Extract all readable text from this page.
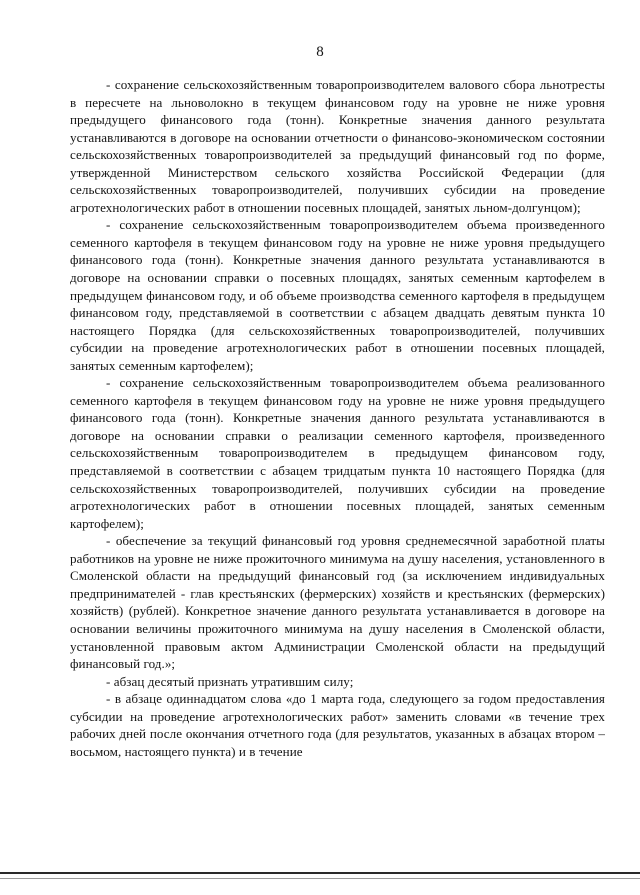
8

- сохранение сельскохозяйственным товаропроизводителем валового сбора льнотресты в пересчете на льноволокно в текущем финансовом году на уровне не ниже уровня предыдущего финансового года (тонн). Конкретные значения данного результата устанавливаются в договоре на основании отчетности о финансово-экономическом состоянии сельскохозяйственных товаропроизводителей за предыдущий финансовый год по форме, утвержденной Министерством сельского хозяйства Российской Федерации (для сельскохозяйственных товаропроизводителей, получивших субсидии на проведение агротехнологических работ в отношении посевных площадей, занятых льном-долгунцом);

- сохранение сельскохозяйственным товаропроизводителем объема произведенного семенного картофеля в текущем финансовом году на уровне не ниже уровня предыдущего финансового года (тонн). Конкретные значения данного результата устанавливаются в договоре на основании справки о посевных площадях, занятых семенным картофелем в предыдущем финансовом году, и об объеме производства семенного картофеля в предыдущем финансовом году, представляемой в соответствии с абзацем двадцать девятым пункта 10 настоящего Порядка (для сельскохозяйственных товаропроизводителей, получивших субсидии на проведение агротехнологических работ в отношении посевных площадей, занятых семенным картофелем);

- сохранение сельскохозяйственным товаропроизводителем объема реализованного семенного картофеля в текущем финансовом году на уровне не ниже уровня предыдущего финансового года (тонн). Конкретные значения данного результата устанавливаются в договоре на основании справки о реализации семенного картофеля, произведенного сельскохозяйственным товаропроизводителем в предыдущем финансовом году, представляемой в соответствии с абзацем тридцатым пункта 10 настоящего Порядка (для сельскохозяйственных товаропроизводителей, получивших субсидии на проведение агротехнологических работ в отношении посевных площадей, занятых семенным картофелем);

- обеспечение за текущий финансовый год уровня среднемесячной заработной платы работников на уровне не ниже прожиточного минимума на душу населения, установленного в Смоленской области на предыдущий финансовый год (за исключением индивидуальных предпринимателей - глав крестьянских (фермерских) хозяйств и крестьянских (фермерских) хозяйств) (рублей). Конкретное значение данного результата устанавливается в договоре на основании величины прожиточного минимума на душу населения в Смоленской области, установленной правовым актом Администрации Смоленской области на предыдущий финансовый год.»;

- абзац десятый признать утратившим силу;

- в абзаце одиннадцатом слова «до 1 марта года, следующего за годом предоставления субсидии на проведение агротехнологических работ» заменить словами «в течение трех рабочих дней после окончания отчетного года (для результатов, указанных в абзацах втором – восьмом, настоящего пункта) и в течение
